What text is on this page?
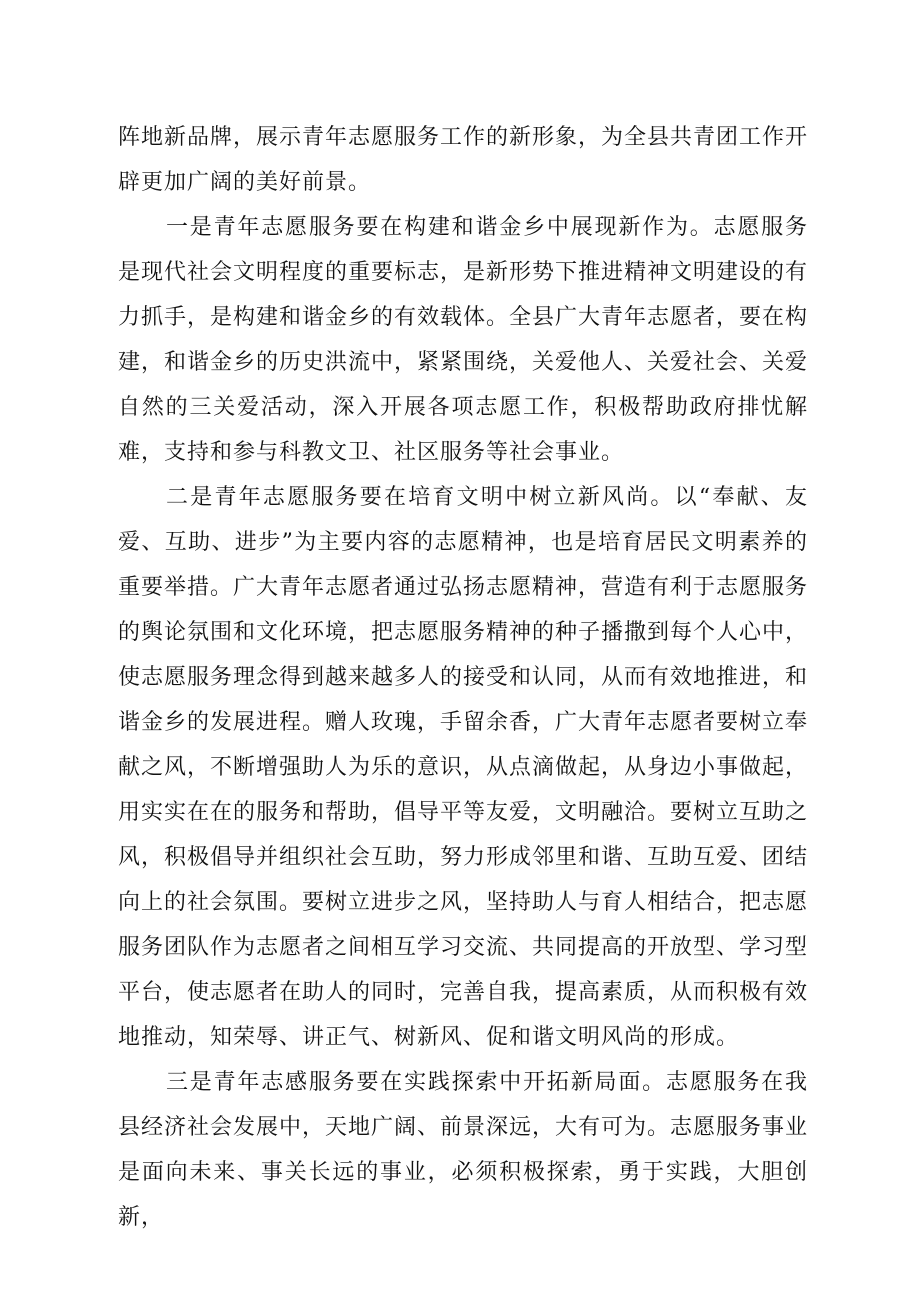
阵地新品牌，展示青年志愿服务工作的新形象，为全县共青团工作开辟更加广阔的美好前景。

一是青年志愿服务要在构建和谐金乡中展现新作为。志愿服务是现代社会文明程度的重要标志，是新形势下推进精神文明建设的有力抓手，是构建和谐金乡的有效载体。全县广大青年志愿者，要在构建，和谐金乡的历史洪流中，紧紧围绕，关爱他人、关爱社会、关爱自然的三关爱活动，深入开展各项志愿工作，积极帮助政府排忧解难，支持和参与科教文卫、社区服务等社会事业。

二是青年志愿服务要在培育文明中树立新风尚。以“奉献、友爱、互助、进步”为主要内容的志愿精神，也是培育居民文明素养的重要举措。广大青年志愿者通过弘扬志愿精神，营造有利于志愿服务的舆论氛围和文化环境，把志愿服务精神的种子播撒到每个人心中，使志愿服务理念得到越来越多人的接受和认同，从而有效地推进，和谐金乡的发展进程。赠人玫瑰，手留余香，广大青年志愿者要树立奉献之风，不断增强助人为乐的意识，从点滴做起，从身边小事做起，用实实在在的服务和帮助，倡导平等友爱，文明融洽。要树立互助之风，积极倡导并组织社会互助，努力形成邻里和谐、互助互爱、团结向上的社会氛围。要树立进步之风，坚持助人与育人相结合，把志愿服务团队作为志愿者之间相互学习交流、共同提高的开放型、学习型平台，使志愿者在助人的同时，完善自我，提高素质，从而积极有效地推动，知荣辱、讲正气、树新风、促和谐文明风尚的形成。

三是青年志感服务要在实践探索中开拓新局面。志愿服务在我县经济社会发展中，天地广阔、前景深远，大有可为。志愿服务事业是面向未来、事关长远的事业，必须积极探索，勇于实践，大胆创新，
